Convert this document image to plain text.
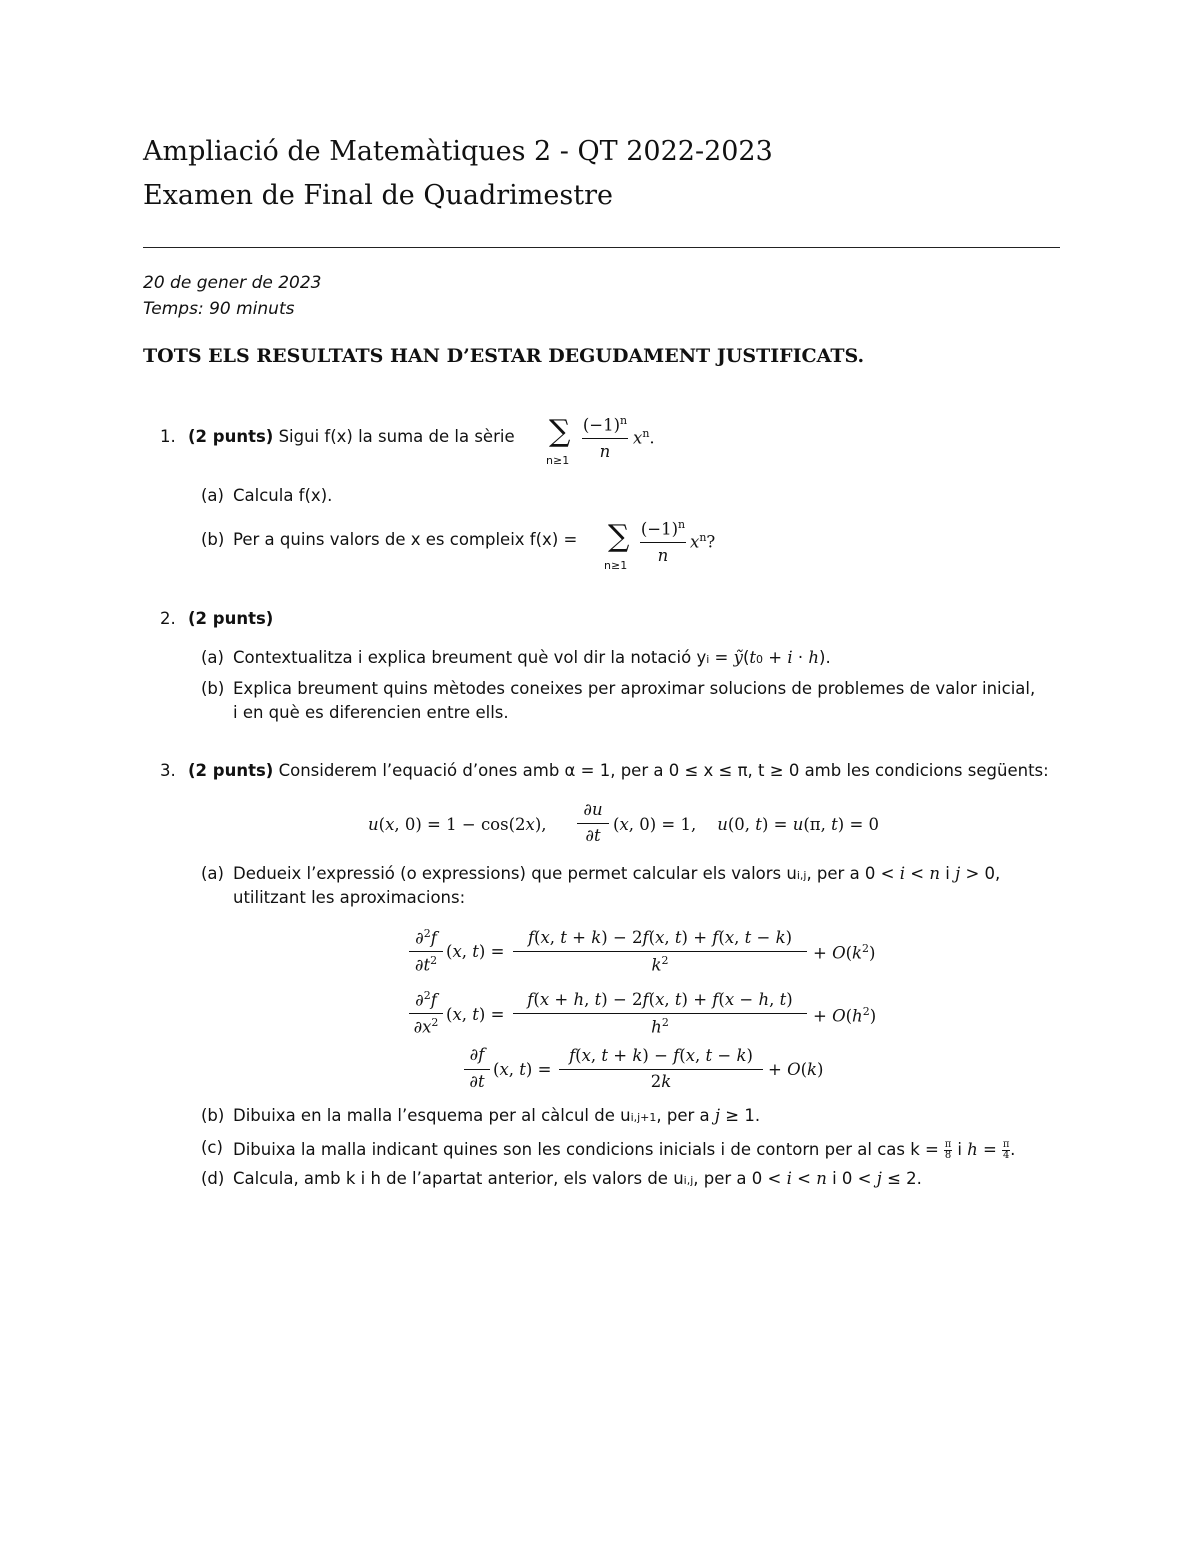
Ampliació de Matemàtiques 2 - QT 2022-2023
Examen de Final de Quadrimestre
20 de gener de 2023
Temps: 90 minuts
TOTS ELS RESULTATS HAN D’ESTAR DEGUDAMENT JUSTIFICATS.
1. (2 punts) Sigui f(x) la suma de la sèrie ∑
n≥1
$(-1)^n$
n
$x^n$.
(a) Calcula f(x).
(b) Per a quins valors de x es compleix f(x) = ∑
n≥1
$(-1)^n$
n
$x^n$?
2. (2 punts)
(a) Contextualitza i explica breument què vol dir la notació yi = ỹ(t0 + i · h).
(b) Explica breument quins mètodes coneixes per aproximar solucions de problemes de valor inicial,
i en què es diferencien entre ells.
3. (2 punts) Considerem l’equació d’ones amb α = 1, per a 0 ≤ x ≤ π, t ≥ 0 amb les condicions següents:
u(x, 0) = 1 − cos(2x),
∂u
∂t
(x, 0) = 1,    u(0, t) = u(π, t) = 0
(a) Dedueix l’expressió (o expressions) que permet calcular els valors ui,j, per a 0 < i < n i j > 0,
utilitzant les aproximacions:
∂$^2$f
$\partial t^2$ (x, t) =
f(x, t + k) − 2f(x, t) + f(x, t − k)
$k^2$	+ $O(k^2)$
∂$^2$f
$\partial x^2$ (x, t) =
f(x + h, t) − 2f(x, t) + f(x − h, t)
$h^2$	+ $O(h^2)$
∂f
∂t
(x, t) =
f(x, t + k) − f(x, t − k)
2k
+ O(k)
(b) Dibuixa en la malla l’esquema per al càlcul de ui,j+1, per a j ≥ 1.
(c) Dibuixa la malla indicant quines son les condicions inicials i de contorn per al cas k = π
8 i h = π
4.
(d) Calcula, amb k i h de l’apartat anterior, els valors de ui,j, per a 0 < i < n i 0 < j ≤ 2.
